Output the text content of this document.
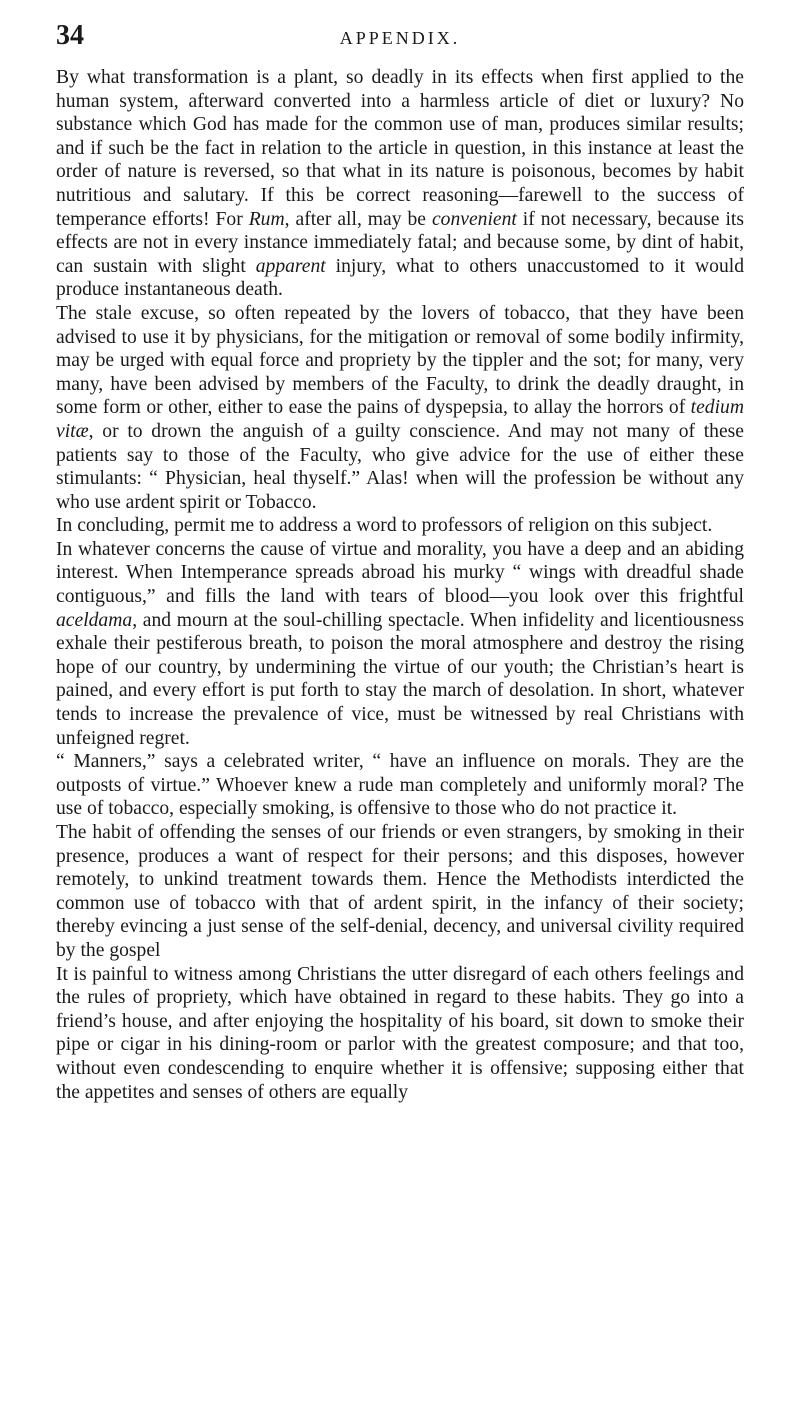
34	APPENDIX.

By what transformation is a plant, so deadly in its effects when first applied to the human system, afterward converted into a harmless article of diet or luxury? No substance which God has made for the common use of man, produces similar results; and if such be the fact in relation to the article in question, in this instance at least the order of nature is reversed, so that what in its nature is poisonous, becomes by habit nutritious and salutary. If this be correct reasoning—farewell to the success of temperance efforts! For Rum, after all, may be convenient if not necessary, because its effects are not in every instance immediately fatal; and because some, by dint of habit, can sustain with slight apparent injury, what to others unaccustomed to it would produce instantaneous death.

The stale excuse, so often repeated by the lovers of tobacco, that they have been advised to use it by physicians, for the mitigation or removal of some bodily infirmity, may be urged with equal force and propriety by the tippler and the sot; for many, very many, have been advised by members of the Faculty, to drink the deadly draught, in some form or other, either to ease the pains of dyspepsia, to allay the horrors of tedium vitæ, or to drown the anguish of a guilty conscience. And may not many of these patients say to those of the Faculty, who give advice for the use of either these stimulants: “ Physician, heal thyself.” Alas! when will the profession be without any who use ardent spirit or Tobacco.

In concluding, permit me to address a word to professors of religion on this subject.

In whatever concerns the cause of virtue and morality, you have a deep and an abiding interest. When Intemperance spreads abroad his murky “ wings with dreadful shade contiguous,” and fills the land with tears of blood—you look over this frightful aceldama, and mourn at the soul-chilling spectacle. When infidelity and licentiousness exhale their pestiferous breath, to poison the moral atmosphere and destroy the rising hope of our country, by undermining the virtue of our youth; the Christian’s heart is pained, and every effort is put forth to stay the march of desolation. In short, whatever tends to increase the prevalence of vice, must be witnessed by real Christians with unfeigned regret.

“ Manners,” says a celebrated writer, “ have an influence on morals. They are the outposts of virtue.” Whoever knew a rude man completely and uniformly moral? The use of tobacco, especially smoking, is offensive to those who do not practice it.

The habit of offending the senses of our friends or even strangers, by smoking in their presence, produces a want of respect for their persons; and this disposes, however remotely, to unkind treatment towards them. Hence the Methodists interdicted the common use of tobacco with that of ardent spirit, in the infancy of their society; thereby evincing a just sense of the self-denial, decency, and universal civility required by the gospel

It is painful to witness among Christians the utter disregard of each others feelings and the rules of propriety, which have obtained in regard to these habits. They go into a friend’s house, and after enjoying the hospitality of his board, sit down to smoke their pipe or cigar in his dining-room or parlor with the greatest composure; and that too, without even condescending to enquire whether it is offensive; supposing either that the appetites and senses of others are equally
